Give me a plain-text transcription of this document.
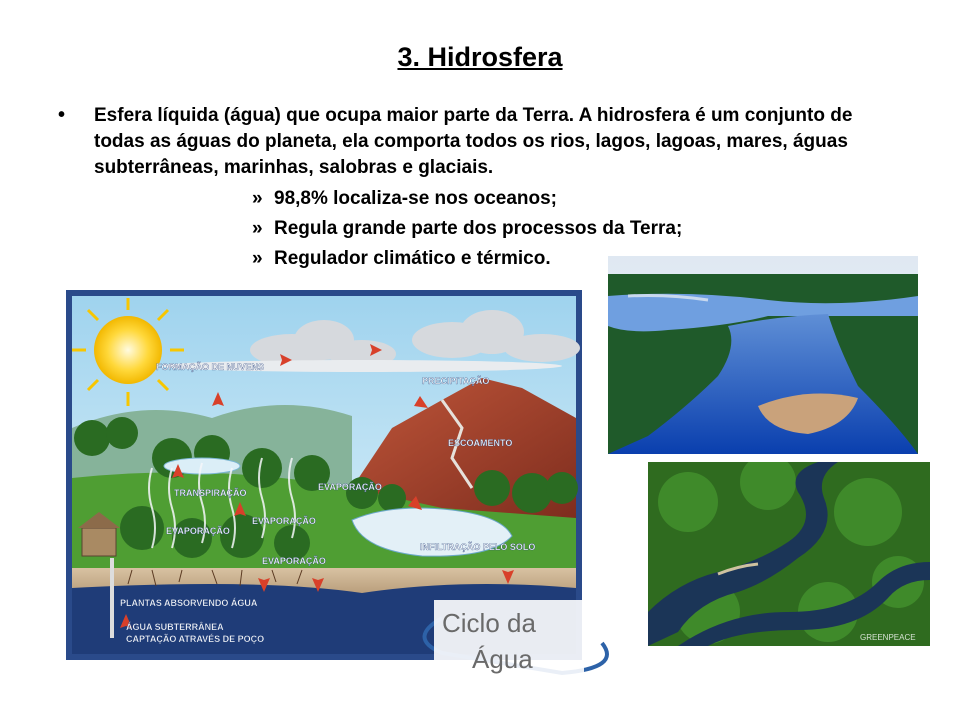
3. Hidrosfera
• Esfera líquida (água) que ocupa maior parte da Terra. A hidrosfera é um conjunto de todas as águas do planeta, ela comporta todos os rios, lagos, lagoas, mares, águas subterrâneas, marinhas, salobras e glaciais.
» 98,8% localiza-se nos oceanos;
» Regula grande parte dos processos da Terra;
» Regulador climático e térmico.
FORMAÇÃO DE NUVENS
PRECIPITAÇÃO
ESCOAMENTO
TRANSPIRAÇÃO
EVAPORAÇÃO
EVAPORAÇÃO
EVAPORAÇÃO
EVAPORAÇÃO
INFILTRAÇÃO PELO SOLO
PLANTAS ABSORVENDO ÁGUA
ÁGUA SUBTERRÂNEA
CAPTAÇÃO ATRAVÉS DE POÇO
Ciclo da
Água
GREENPEACE
